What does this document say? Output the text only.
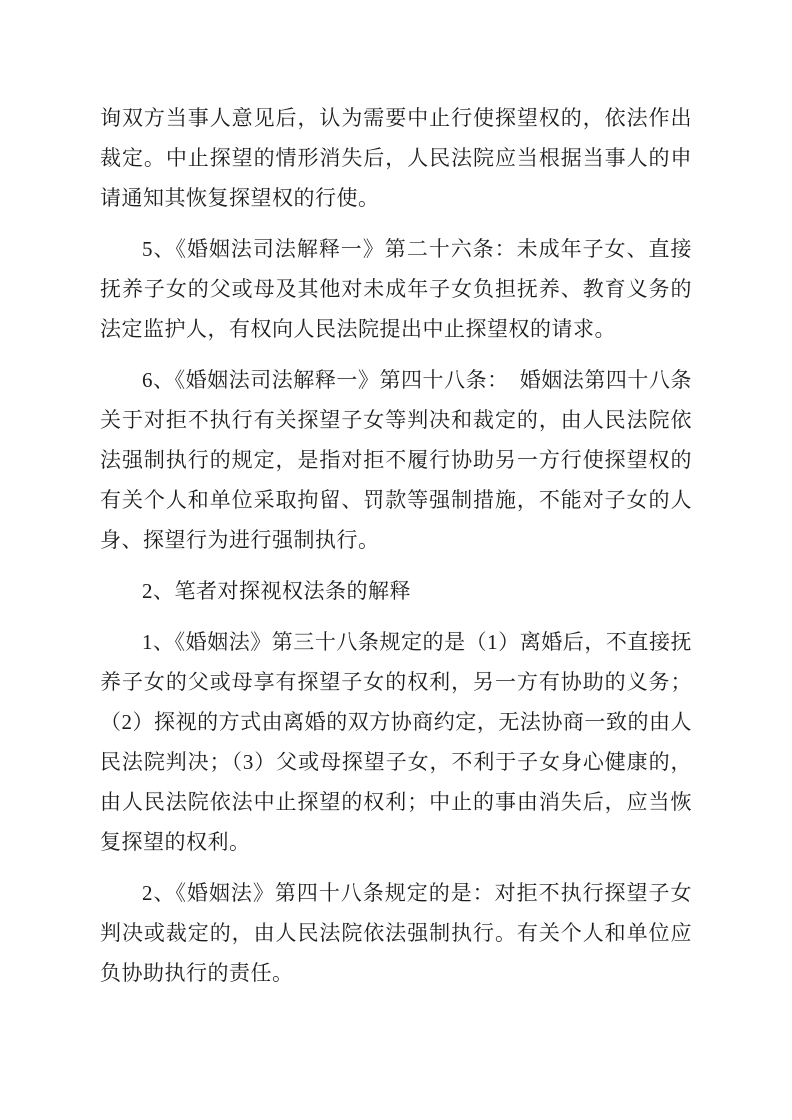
询双方当事人意见后，认为需要中止行使探望权的，依法作出裁定。中止探望的情形消失后，人民法院应当根据当事人的申请通知其恢复探望权的行使。

5、《婚姻法司法解释一》第二十六条：未成年子女、直接抚养子女的父或母及其他对未成年子女负担抚养、教育义务的法定监护人，有权向人民法院提出中止探望权的请求。

6、《婚姻法司法解释一》第四十八条：　婚姻法第四十八条关于对拒不执行有关探望子女等判决和裁定的，由人民法院依法强制执行的规定，是指对拒不履行协助另一方行使探望权的有关个人和单位采取拘留、罚款等强制措施，不能对子女的人身、探望行为进行强制执行。

2、笔者对探视权法条的解释

1、《婚姻法》第三十八条规定的是（1）离婚后，不直接抚养子女的父或母享有探望子女的权利，另一方有协助的义务；（2）探视的方式由离婚的双方协商约定，无法协商一致的由人民法院判决；（3）父或母探望子女，不利于子女身心健康的，由人民法院依法中止探望的权利；中止的事由消失后，应当恢复探望的权利。

2、《婚姻法》第四十八条规定的是：对拒不执行探望子女判决或裁定的，由人民法院依法强制执行。有关个人和单位应负协助执行的责任。
